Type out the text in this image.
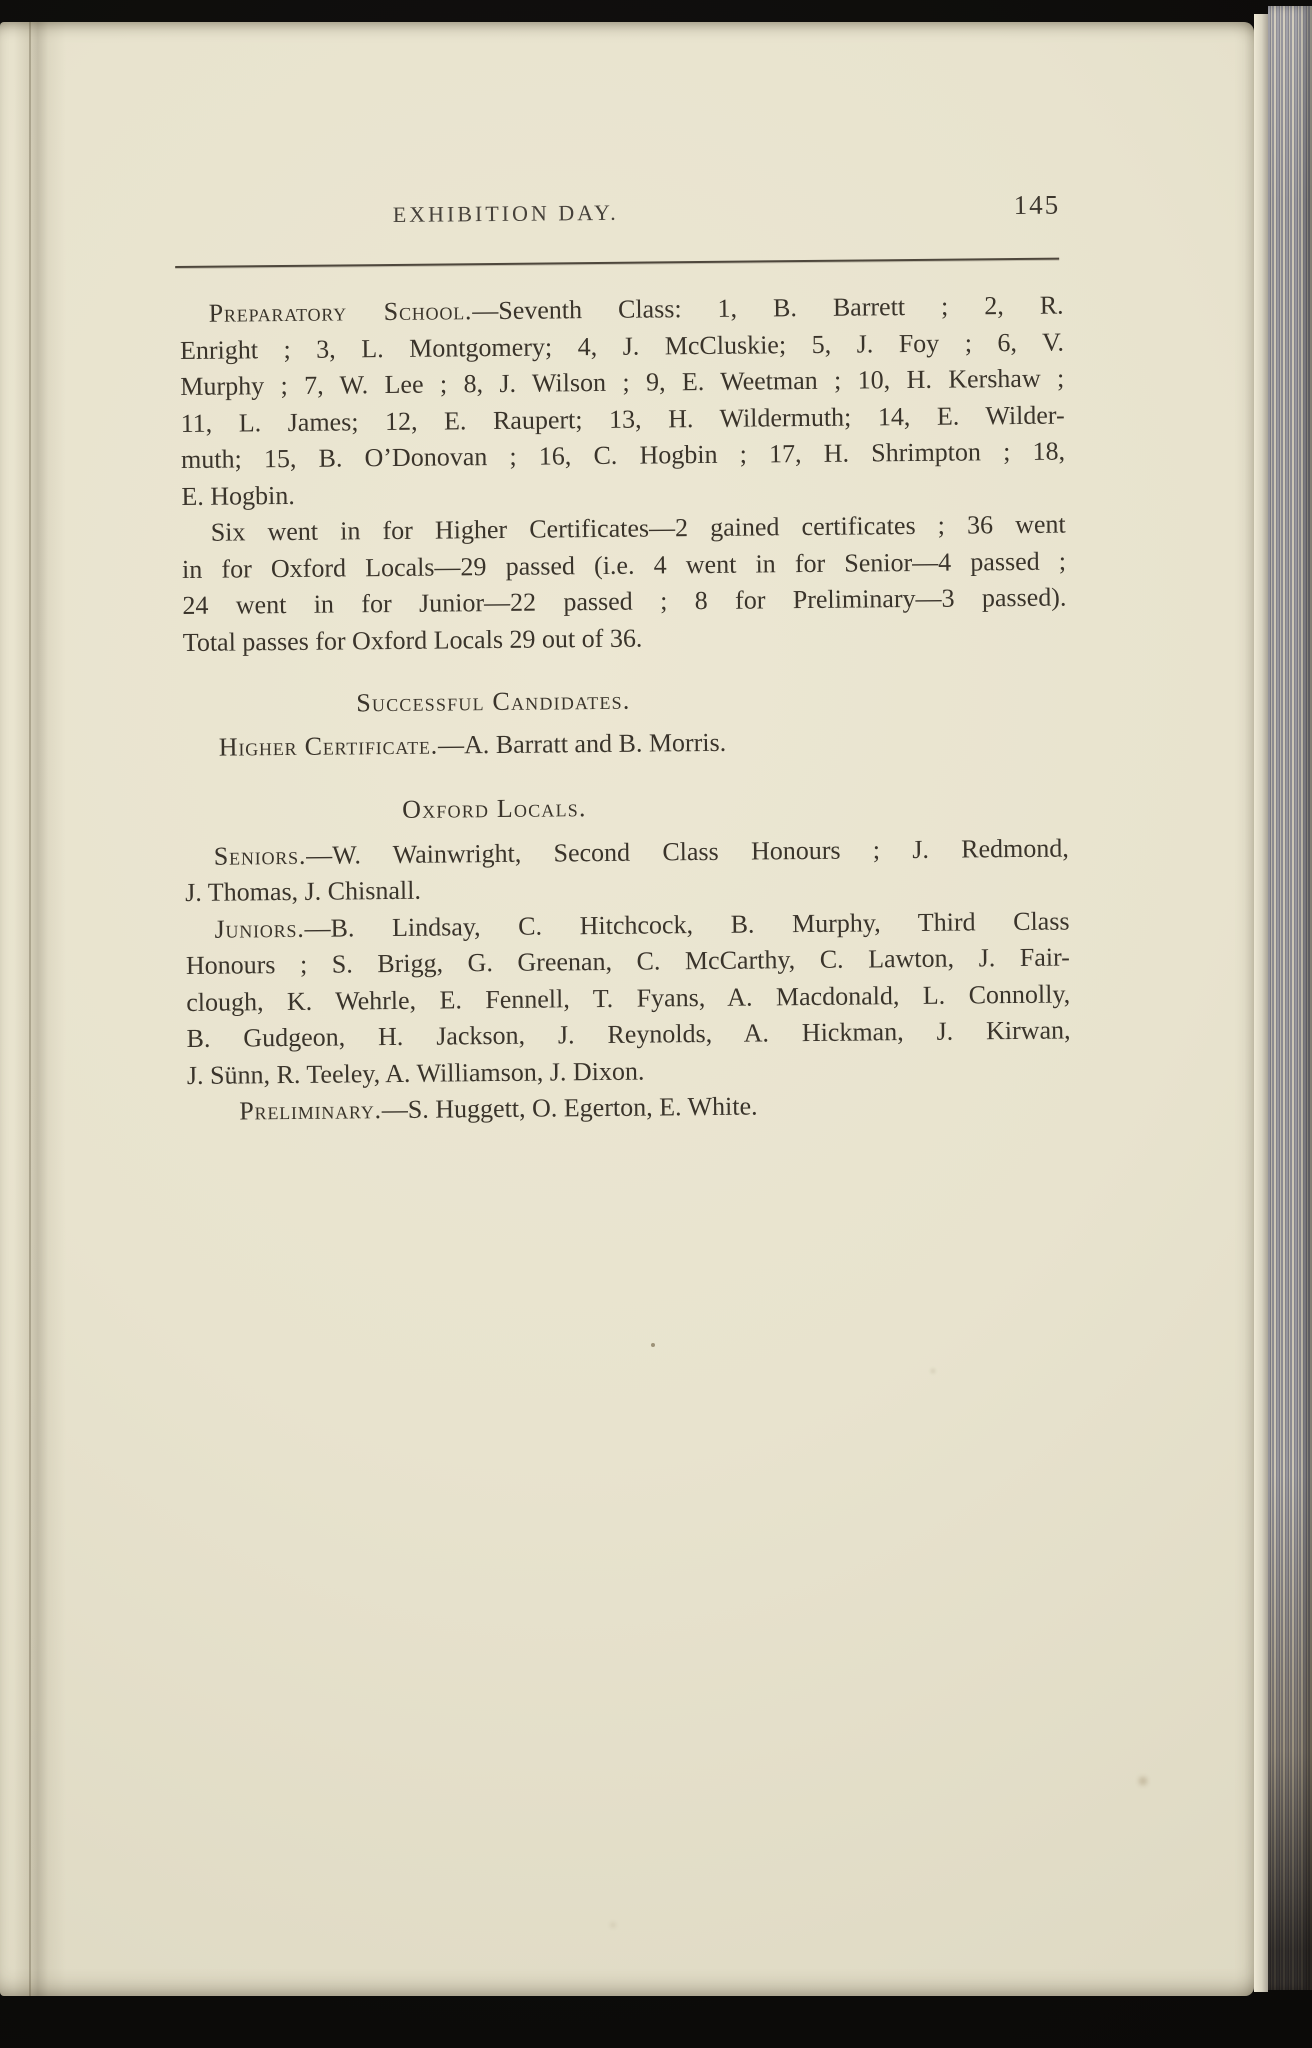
EXHIBITION DAY.	145
Preparatory School.—Seventh Class: 1, B. Barrett ; 2, R.
Enright ; 3, L. Montgomery; 4, J. McCluskie; 5, J. Foy ; 6, V.
Murphy ; 7, W. Lee ; 8, J. Wilson ; 9, E. Weetman ; 10, H. Kershaw ;
11, L. James; 12, E. Raupert; 13, H. Wildermuth; 14, E. Wilder-
muth; 15, B. O’Donovan ; 16, C. Hogbin ; 17, H. Shrimpton ; 18,
E. Hogbin.
Six went in for Higher Certificates—2 gained certificates ; 36 went
in for Oxford Locals—29 passed (i.e. 4 went in for Senior—4 passed ;
24 went in for Junior—22 passed ; 8 for Preliminary—3 passed).
Total passes for Oxford Locals 29 out of 36.
Successful Candidates.
Higher Certificate.—A. Barratt and B. Morris.
Oxford Locals.
Seniors.—W. Wainwright, Second Class Honours ; J. Redmond,
J. Thomas, J. Chisnall.
Juniors.—B. Lindsay, C. Hitchcock, B. Murphy, Third Class
Honours ; S. Brigg, G. Greenan, C. McCarthy, C. Lawton, J. Fair-
clough, K. Wehrle, E. Fennell, T. Fyans, A. Macdonald, L. Connolly,
B. Gudgeon, H. Jackson, J. Reynolds, A. Hickman, J. Kirwan,
J. Sünn, R. Teeley, A. Williamson, J. Dixon.
Preliminary.—S. Huggett, O. Egerton, E. White.
